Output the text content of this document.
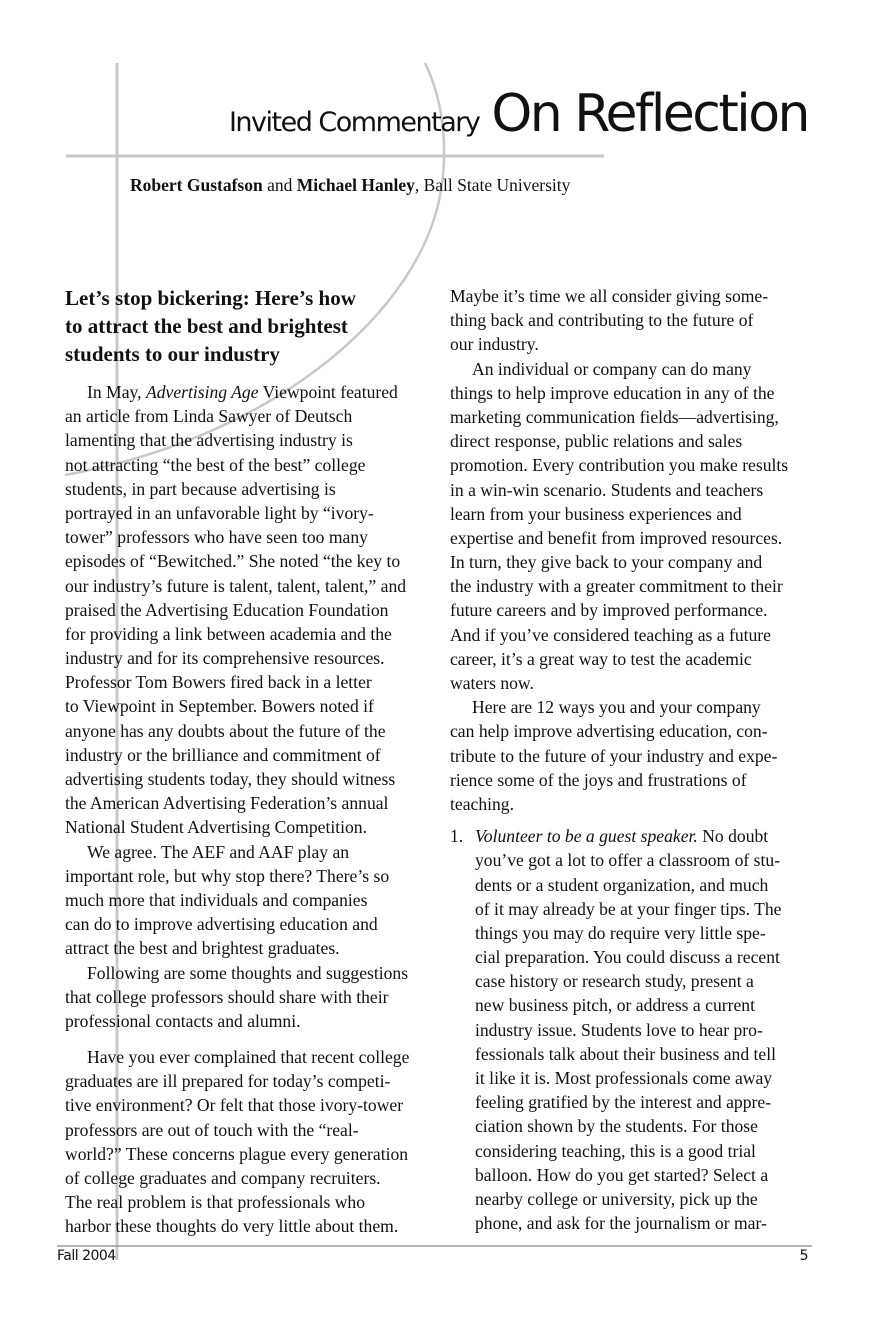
Invited Commentary On Reflection
Robert Gustafson and Michael Hanley, Ball State University
Let’s stop bickering: Here’s how
to attract the best and brightest
students to our industry
In May, Advertising Age Viewpoint featured
an article from Linda Sawyer of Deutsch
lamenting that the advertising industry is
not attracting “the best of the best” college
students, in part because advertising is
portrayed in an unfavorable light by “ivory-
tower” professors who have seen too many
episodes of “Bewitched.” She noted “the key to
our industry’s future is talent, talent, talent,” and
praised the Advertising Education Foundation
for providing a link between academia and the
industry and for its comprehensive resources.
Professor Tom Bowers fired back in a letter
to Viewpoint in September. Bowers noted if
anyone has any doubts about the future of the
industry or the brilliance and commitment of
advertising students today, they should witness
the American Advertising Federation’s annual
National Student Advertising Competition.
We agree. The AEF and AAF play an
important role, but why stop there? There’s so
much more that individuals and companies
can do to improve advertising education and
attract the best and brightest graduates.
Following are some thoughts and suggestions
that college professors should share with their
professional contacts and alumni.
Have you ever complained that recent college
graduates are ill prepared for today’s competi-
tive environment? Or felt that those ivory-tower
professors are out of touch with the “real-
world?” These concerns plague every generation
of college graduates and company recruiters.
The real problem is that professionals who
harbor these thoughts do very little about them.
Maybe it’s time we all consider giving some-
thing back and contributing to the future of
our industry.
An individual or company can do many
things to help improve education in any of the
marketing communication fields—advertising,
direct response, public relations and sales
promotion. Every contribution you make results
in a win-win scenario. Students and teachers
learn from your business experiences and
expertise and benefit from improved resources.
In turn, they give back to your company and
the industry with a greater commitment to their
future careers and by improved performance.
And if you’ve considered teaching as a future
career, it’s a great way to test the academic
waters now.
Here are 12 ways you and your company
can help improve advertising education, con-
tribute to the future of your industry and expe-
rience some of the joys and frustrations of
teaching.
1. Volunteer to be a guest speaker. No doubt
you’ve got a lot to offer a classroom of stu-
dents or a student organization, and much
of it may already be at your finger tips. The
things you may do require very little spe-
cial preparation. You could discuss a recent
case history or research study, present a
new business pitch, or address a current
industry issue. Students love to hear pro-
fessionals talk about their business and tell
it like it is. Most professionals come away
feeling gratified by the interest and appre-
ciation shown by the students. For those
considering teaching, this is a good trial
balloon. How do you get started? Select a
nearby college or university, pick up the
phone, and ask for the journalism or mar-
Fall 2004	5
